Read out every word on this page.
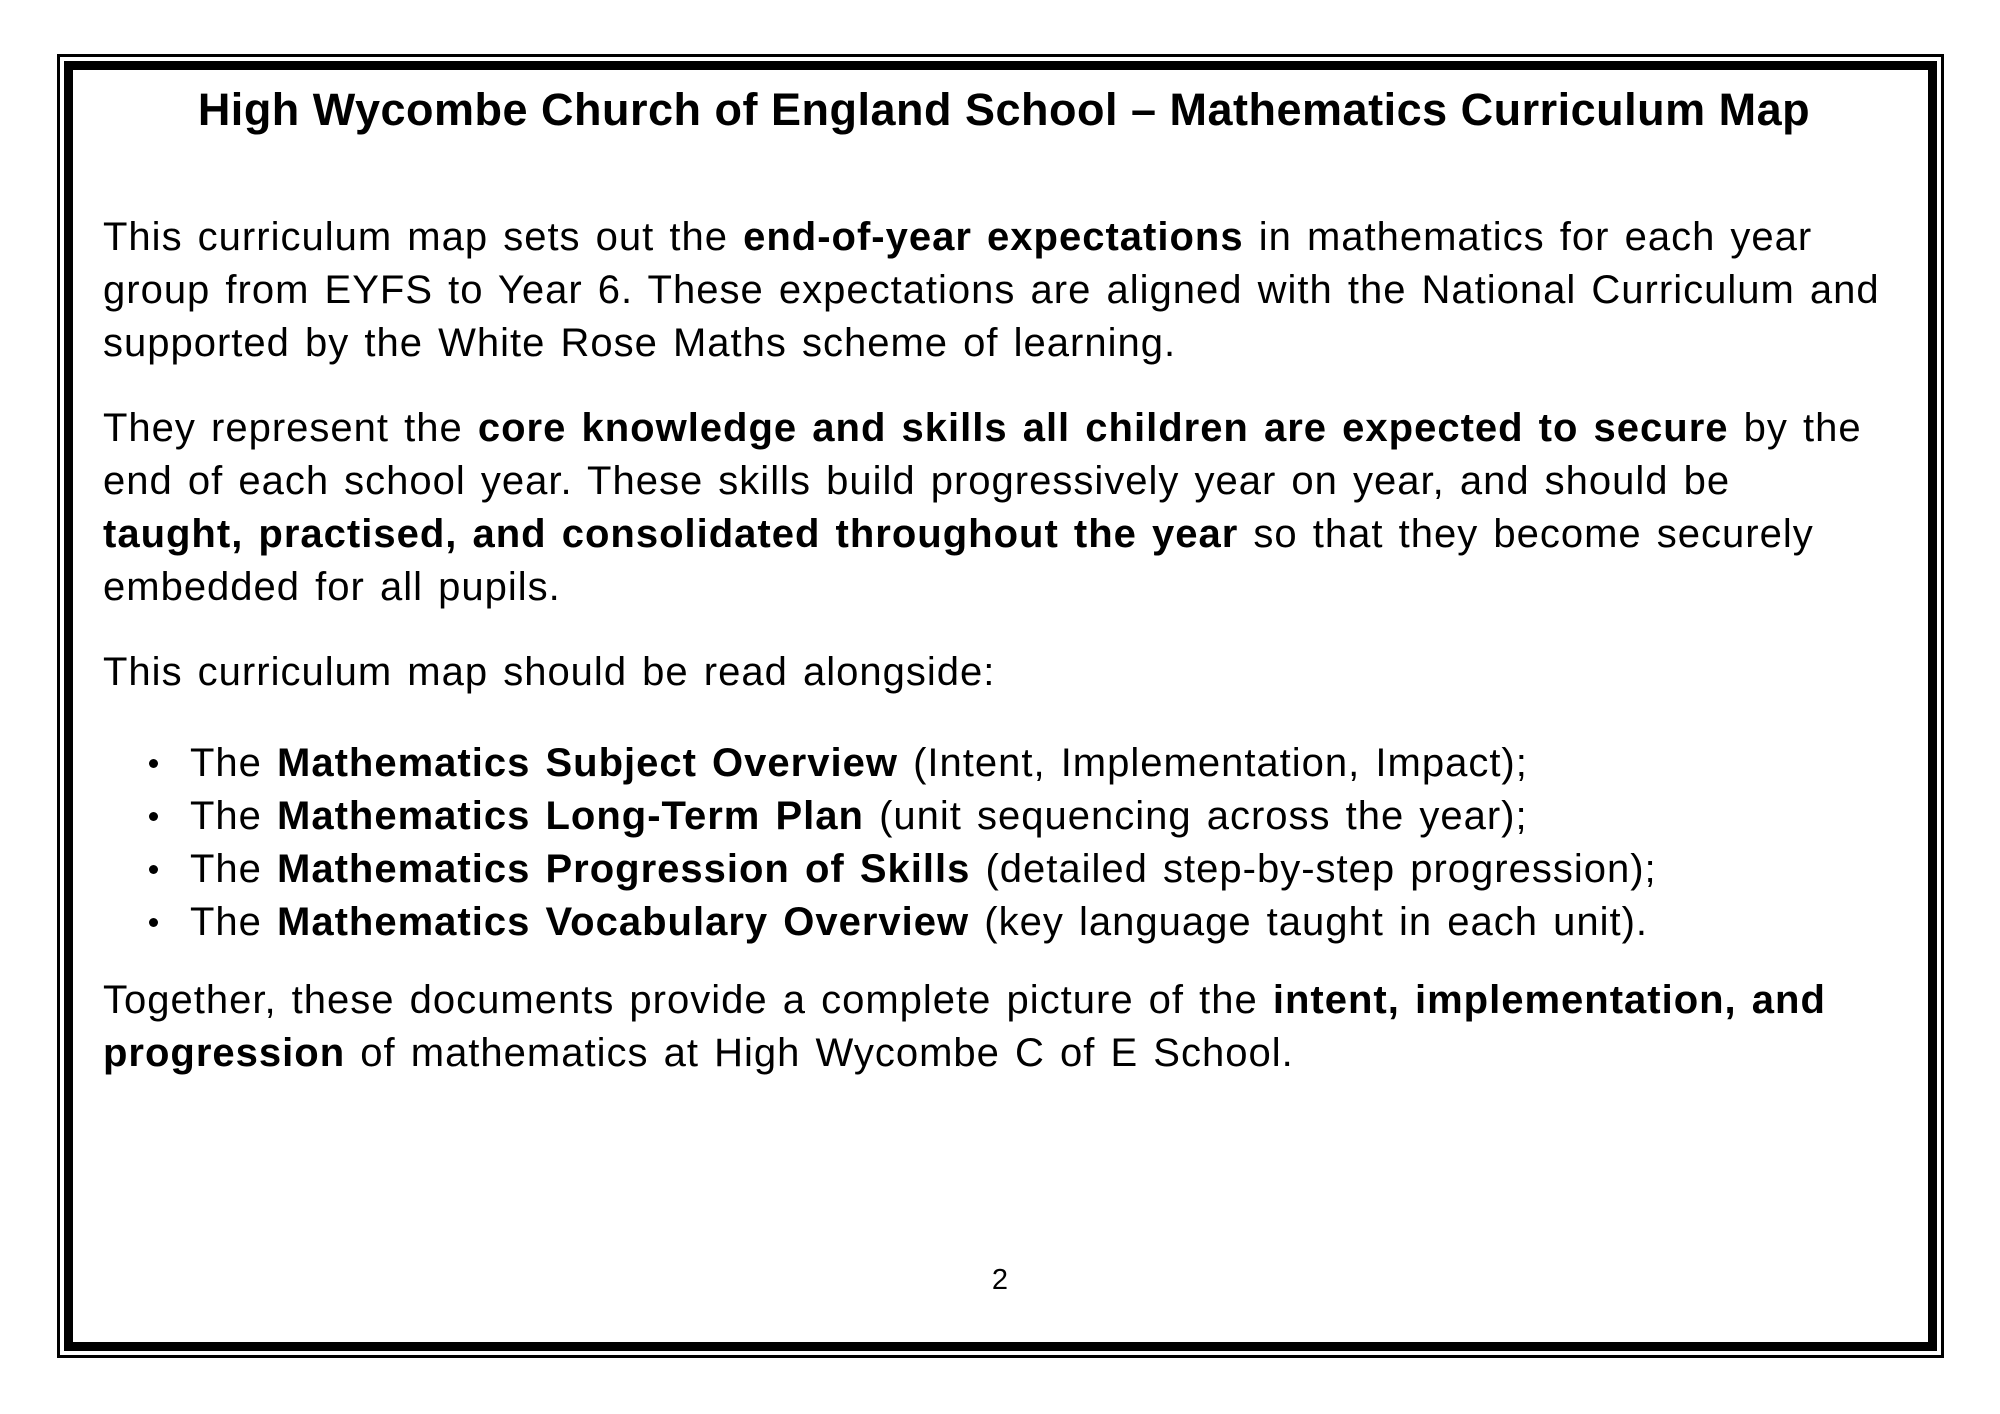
High Wycombe Church of England School – Mathematics Curriculum Map

This curriculum map sets out the end-of-year expectations in mathematics for each year group from EYFS to Year 6. These expectations are aligned with the National Curriculum and supported by the White Rose Maths scheme of learning.

They represent the core knowledge and skills all children are expected to secure by the end of each school year. These skills build progressively year on year, and should be taught, practised, and consolidated throughout the year so that they become securely embedded for all pupils.

This curriculum map should be read alongside:

The Mathematics Subject Overview (Intent, Implementation, Impact);
The Mathematics Long-Term Plan (unit sequencing across the year);
The Mathematics Progression of Skills (detailed step-by-step progression);
The Mathematics Vocabulary Overview (key language taught in each unit).

Together, these documents provide a complete picture of the intent, implementation, and progression of mathematics at High Wycombe C of E School.

2
